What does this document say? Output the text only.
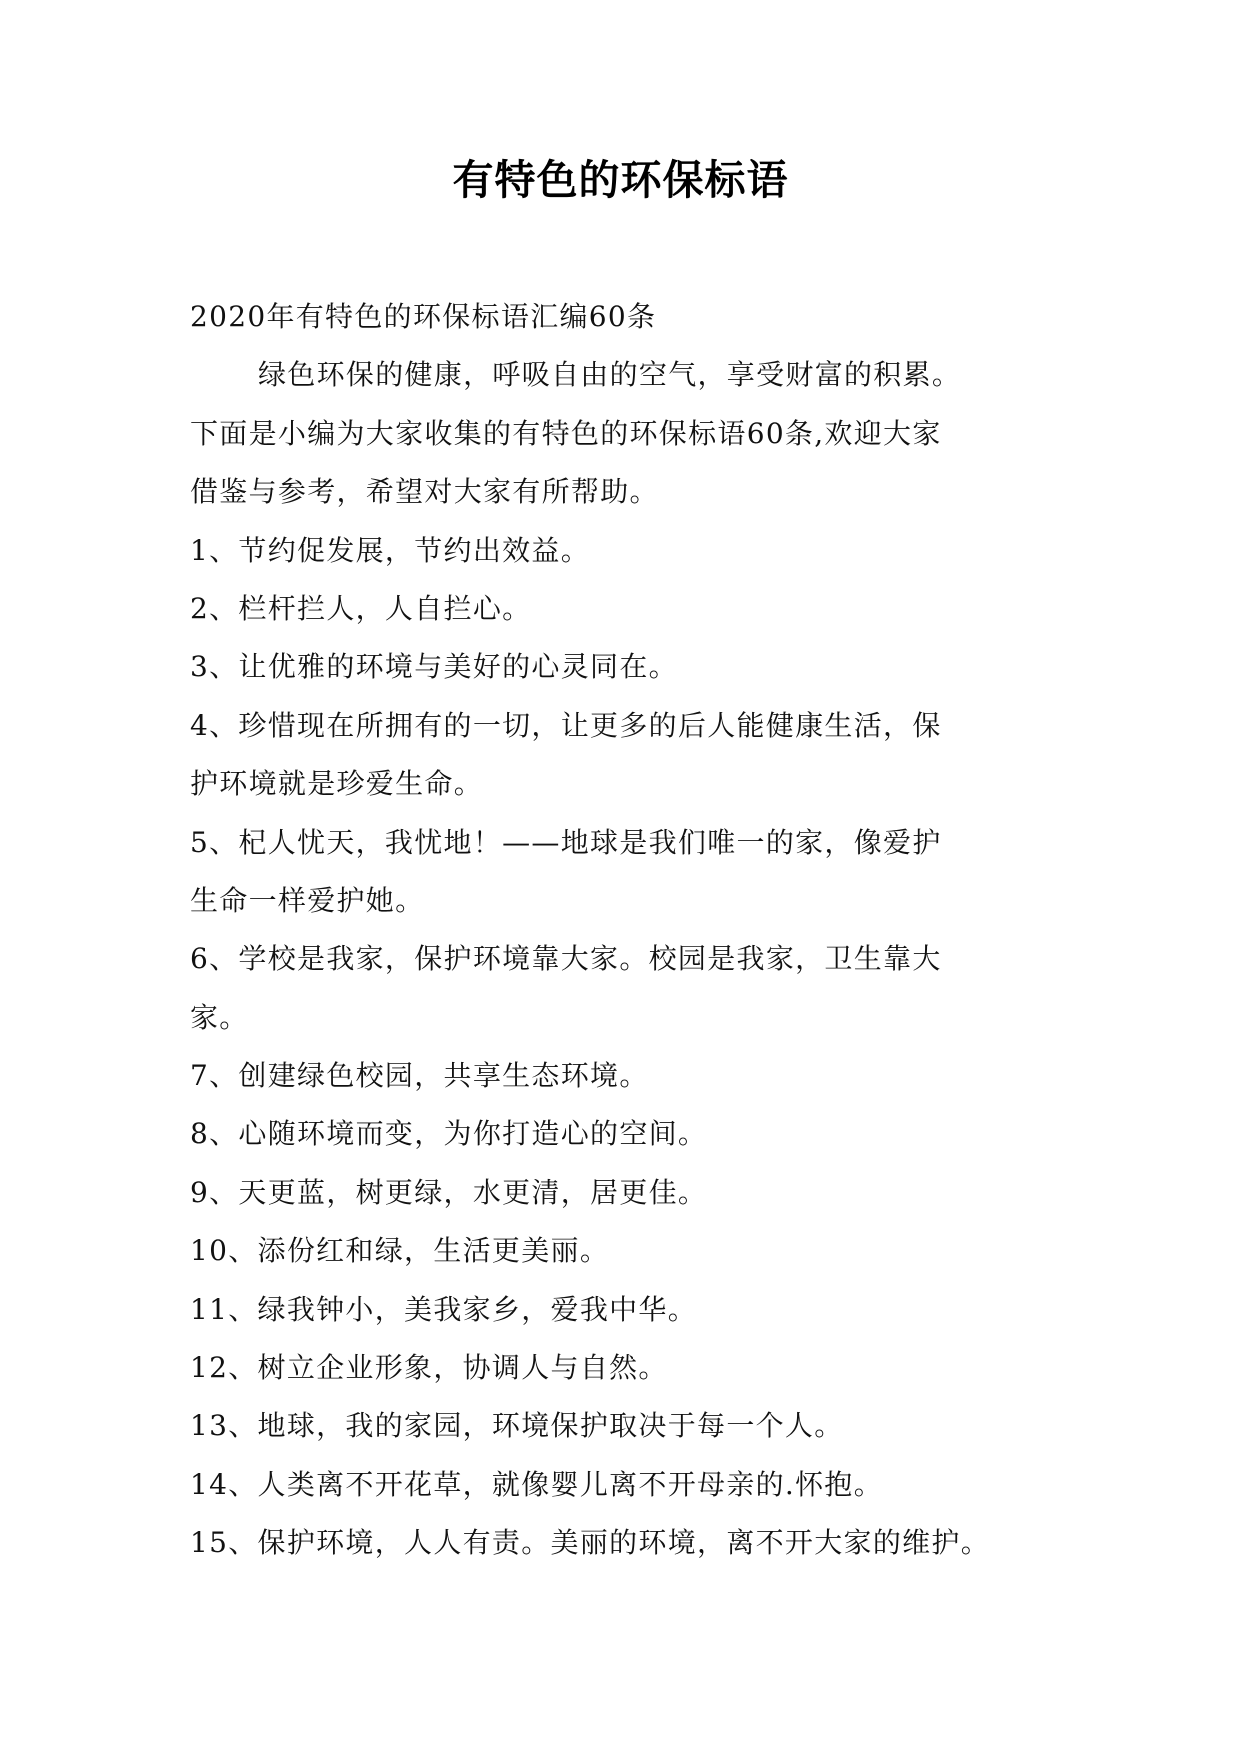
有特色的环保标语

2020年有特色的环保标语汇编60条

绿色环保的健康，呼吸自由的空气，享受财富的积累。

下面是小编为大家收集的有特色的环保标语60条,欢迎大家

借鉴与参考，希望对大家有所帮助。

1、节约促发展，节约出效益。

2、栏杆拦人，人自拦心。

3、让优雅的环境与美好的心灵同在。

4、珍惜现在所拥有的一切，让更多的后人能健康生活，保

护环境就是珍爱生命。

5、杞人忧天，我忧地！——地球是我们唯一的家，像爱护

生命一样爱护她。

6、学校是我家，保护环境靠大家。校园是我家，卫生靠大

家。

7、创建绿色校园，共享生态环境。

8、心随环境而变，为你打造心的空间。

9、天更蓝，树更绿，水更清，居更佳。

10、添份红和绿，生活更美丽。

11、绿我钟小，美我家乡，爱我中华。

12、树立企业形象，协调人与自然。

13、地球，我的家园，环境保护取决于每一个人。

14、人类离不开花草，就像婴儿离不开母亲的.怀抱。

15、保护环境，人人有责。美丽的环境，离不开大家的维护。
